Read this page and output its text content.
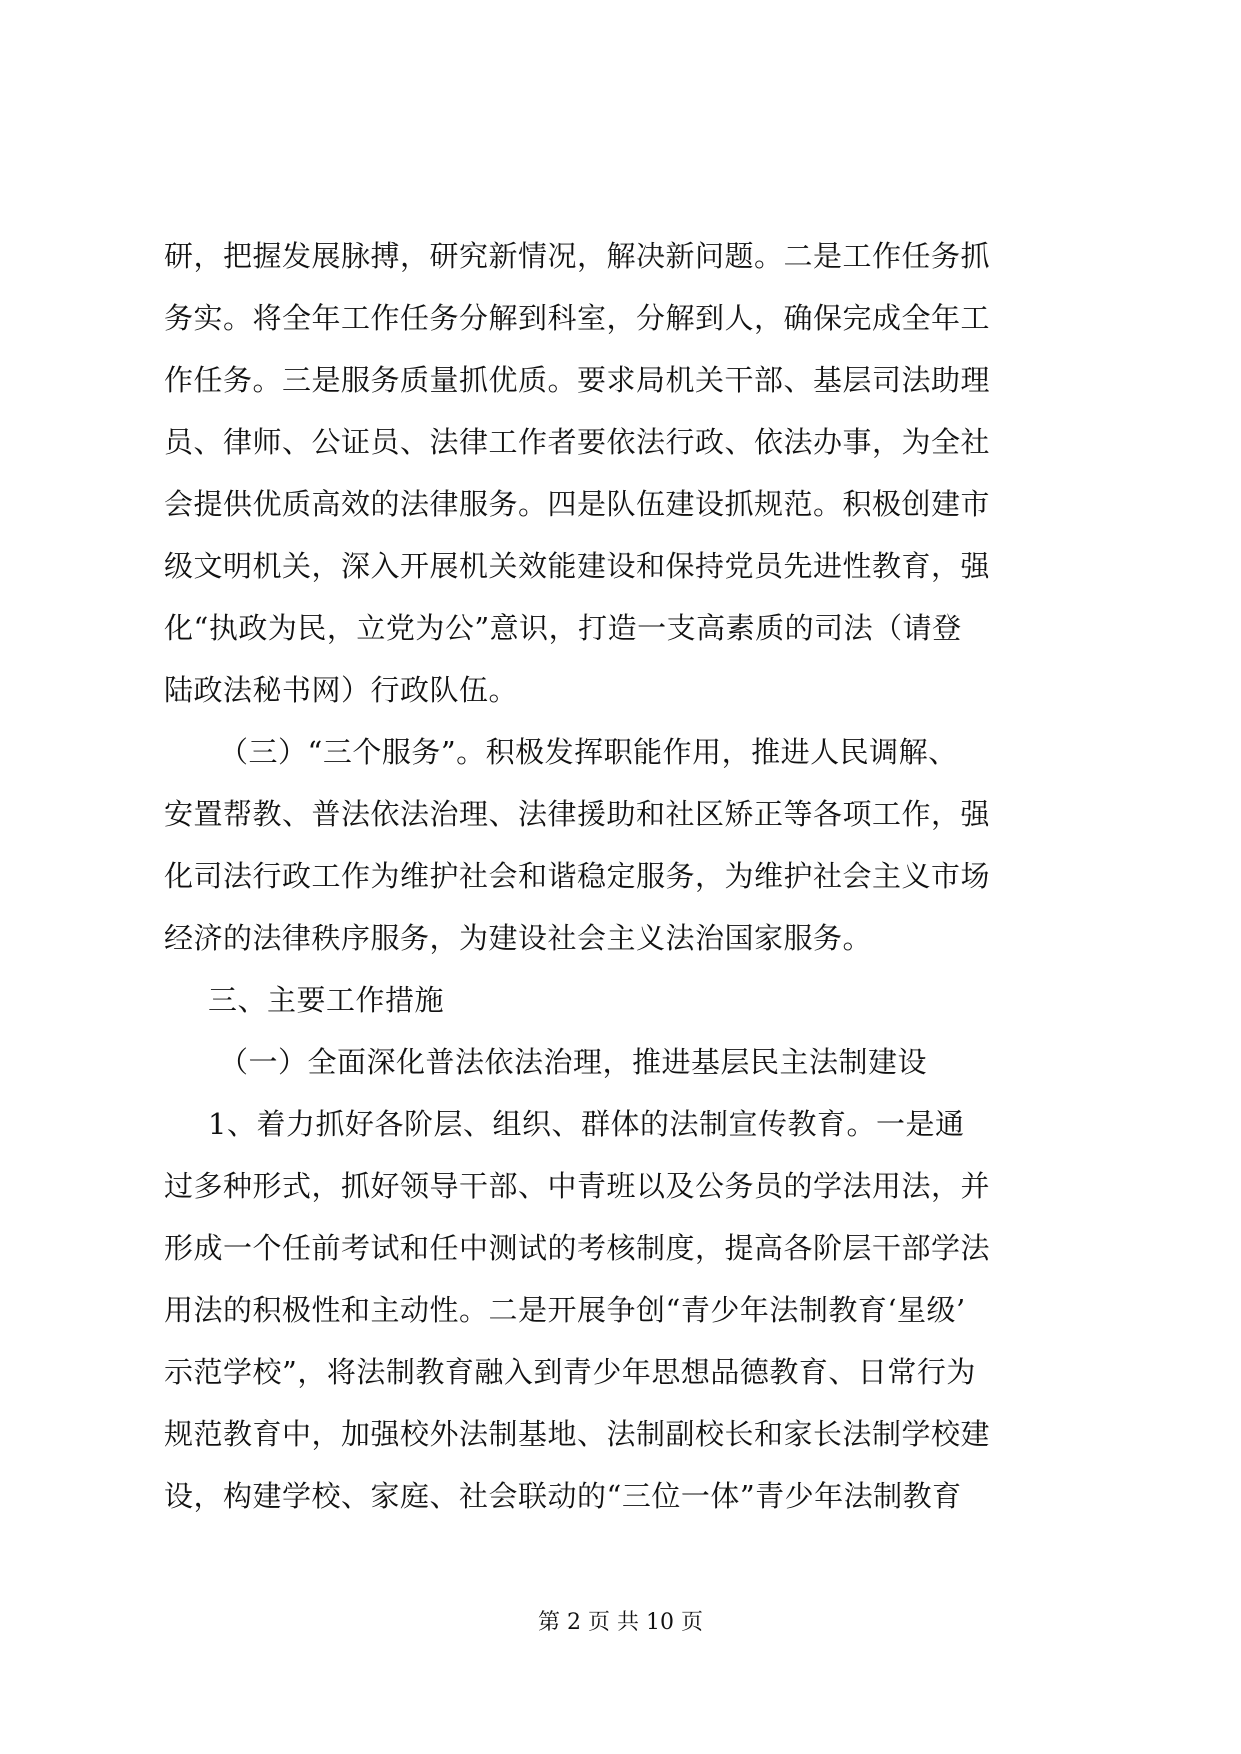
研，把握发展脉搏，研究新情况，解决新问题。二是工作任务抓
务实。将全年工作任务分解到科室，分解到人，确保完成全年工
作任务。三是服务质量抓优质。要求局机关干部、基层司法助理
员、律师、公证员、法律工作者要依法行政、依法办事，为全社
会提供优质高效的法律服务。四是队伍建设抓规范。积极创建市
级文明机关，深入开展机关效能建设和保持党员先进性教育，强
化“执政为民，立党为公”意识，打造一支高素质的司法（请登
陆政法秘书网）行政队伍。
（三）“三个服务”。积极发挥职能作用，推进人民调解、
安置帮教、普法依法治理、法律援助和社区矫正等各项工作，强
化司法行政工作为维护社会和谐稳定服务，为维护社会主义市场
经济的法律秩序服务，为建设社会主义法治国家服务。
三、主要工作措施
（一）全面深化普法依法治理，推进基层民主法制建设
1、着力抓好各阶层、组织、群体的法制宣传教育。一是通
过多种形式，抓好领导干部、中青班以及公务员的学法用法，并
形成一个任前考试和任中测试的考核制度，提高各阶层干部学法
用法的积极性和主动性。二是开展争创“青少年法制教育‘星级’
示范学校”，将法制教育融入到青少年思想品德教育、日常行为
规范教育中，加强校外法制基地、法制副校长和家长法制学校建
设，构建学校、家庭、社会联动的“三位一体”青少年法制教育
第 2 页 共 10 页
